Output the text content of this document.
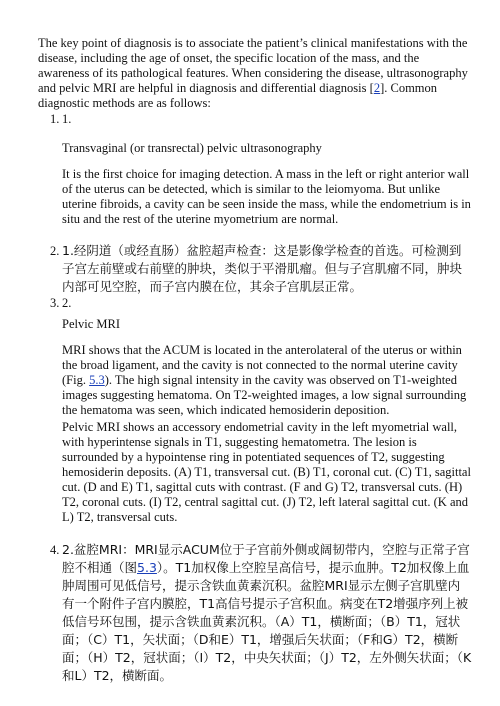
The key point of diagnosis is to associate the patient’s clinical manifestations with the disease, including the age of onset, the specific location of the mass, and the awareness of its pathological features. When considering the disease, ultrasonography and pelvic MRI are helpful in diagnosis and differential diagnosis [2]. Common diagnostic methods are as follows:

1. 1.

Transvaginal (or transrectal) pelvic ultrasonography

It is the first choice for imaging detection. A mass in the left or right anterior wall of the uterus can be detected, which is similar to the leiomyoma. But unlike uterine fibroids, a cavity can be seen inside the mass, while the endometrium is in situ and the rest of the uterine myometrium are normal.

2. 1.经阴道（或经直肠）盆腔超声检查：这是影像学检查的首选。可检测到子宫左前壁或右前壁的肿块，类似于平滑肌瘤。但与子宫肌瘤不同，肿块内部可见空腔，而子宫内膜在位，其余子宫肌层正常。

3. 2.

Pelvic MRI

MRI shows that the ACUM is located in the anterolateral of the uterus or within the broad ligament, and the cavity is not connected to the normal uterine cavity (Fig. 5.3). The high signal intensity in the cavity was observed on T1-weighted images suggesting hematoma. On T2-weighted images, a low signal surrounding the hematoma was seen, which indicated hemosiderin deposition.

Pelvic MRI shows an accessory endometrial cavity in the left myometrial wall, with hyperintense signals in T1, suggesting hematometra. The lesion is surrounded by a hypointense ring in potentiated sequences of T2, suggesting hemosiderin deposits. (A) T1, transversal cut. (B) T1, coronal cut. (C) T1, sagittal cut. (D and E) T1, sagittal cuts with contrast. (F and G) T2, transversal cuts. (H) T2, coronal cuts. (I) T2, central sagittal cut. (J) T2, left lateral sagittal cut. (K and L) T2, transversal cuts.

4. 2.盆腔MRI：MRI显示ACUM位于子宫前外侧或阔韧带内，空腔与正常子宫腔不相通（图5.3）。T1加权像上空腔呈高信号，提示血肿。T2加权像上血肿周围可见低信号，提示含铁血黄素沉积。盆腔MRI显示左侧子宫肌壁内有一个附件子宫内膜腔，T1高信号提示子宫积血。病变在T2增强序列上被低信号环包围，提示含铁血黄素沉积。（A）T1，横断面；（B）T1，冠状面；（C）T1，矢状面；（D和E）T1，增强后矢状面；（F和G）T2，横断面；（H）T2，冠状面；（I）T2，中央矢状面；（J）T2，左外侧矢状面；（K和L）T2，横断面。
